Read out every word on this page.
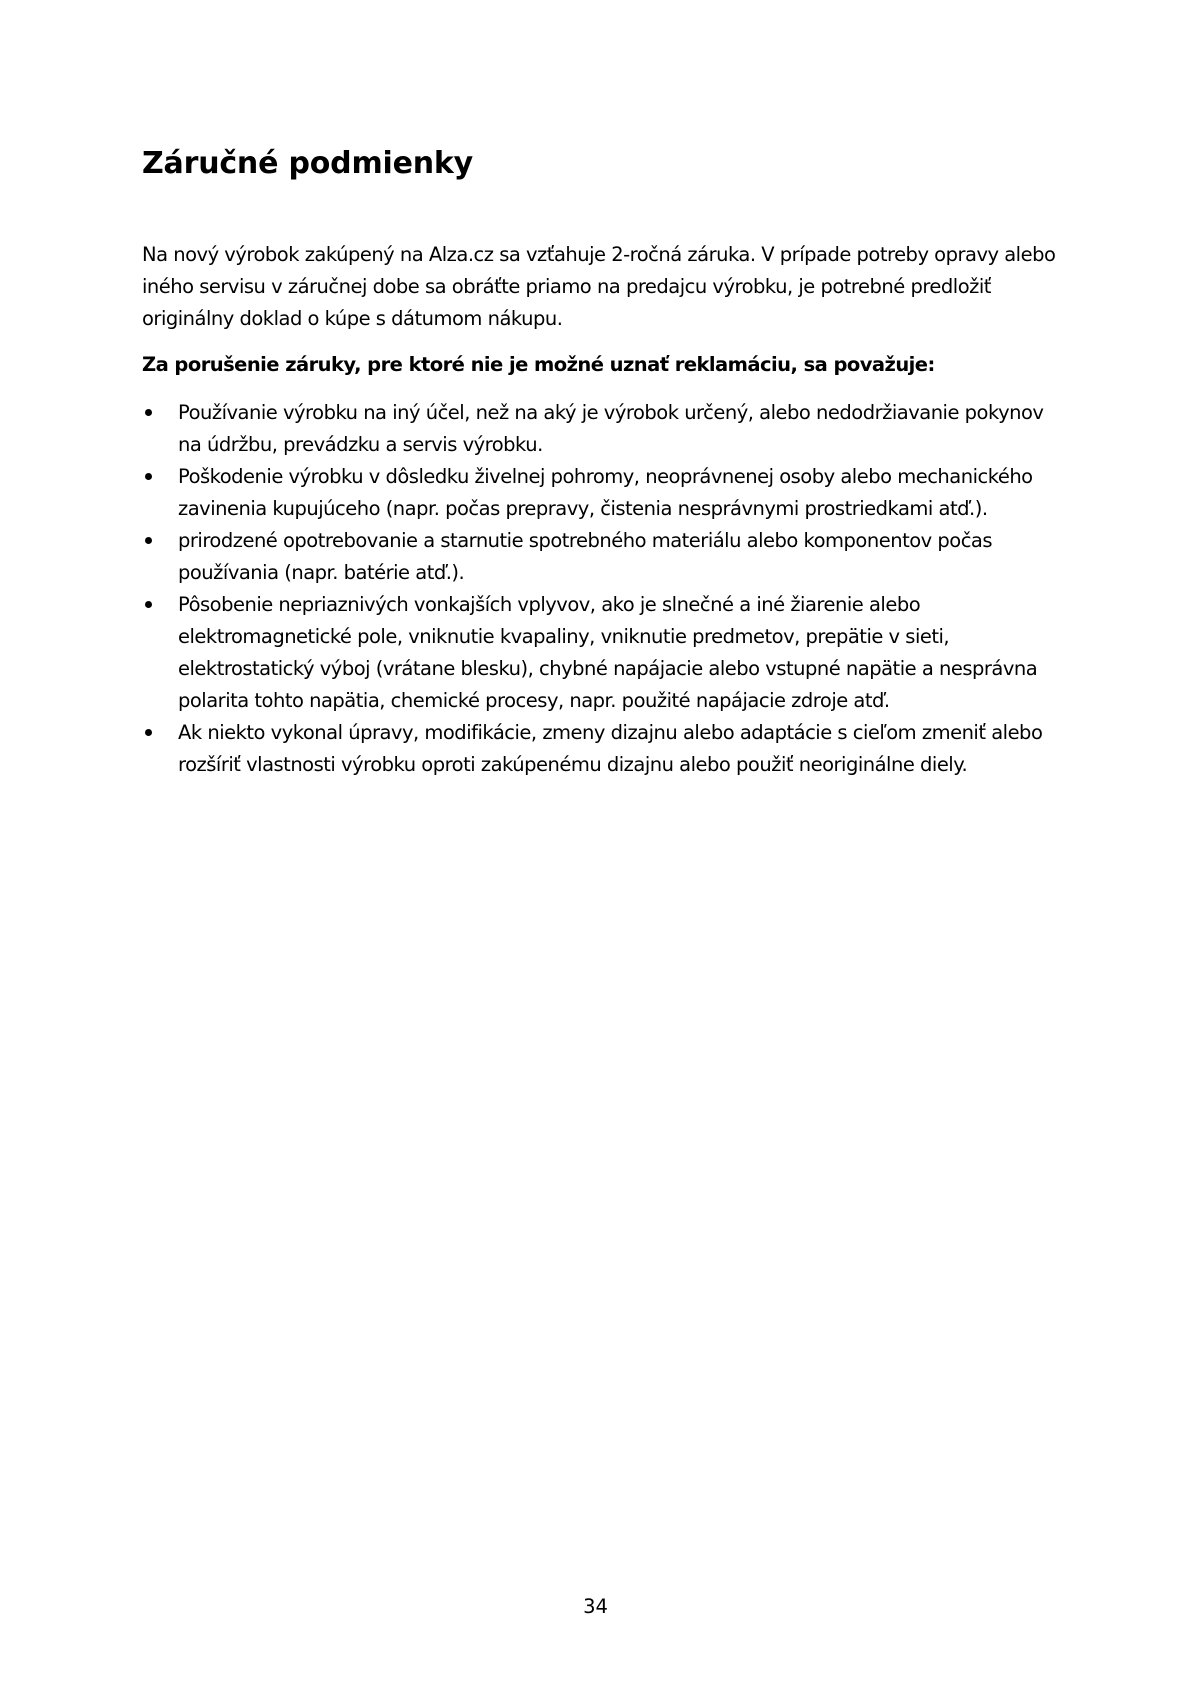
Záručné podmienky

Na nový výrobok zakúpený na Alza.cz sa vzťahuje 2-ročná záruka. V prípade potreby opravy alebo iného servisu v záručnej dobe sa obráťte priamo na predajcu výrobku, je potrebné predložiť originálny doklad o kúpe s dátumom nákupu.

Za porušenie záruky, pre ktoré nie je možné uznať reklamáciu, sa považuje:

Používanie výrobku na iný účel, než na aký je výrobok určený, alebo nedodržiavanie pokynov na údržbu, prevádzku a servis výrobku.
Poškodenie výrobku v dôsledku živelnej pohromy, neoprávnenej osoby alebo mechanického zavinenia kupujúceho (napr. počas prepravy, čistenia nesprávnymi prostriedkami atď.).
prirodzené opotrebovanie a starnutie spotrebného materiálu alebo komponentov počas používania (napr. batérie atď.).
Pôsobenie nepriaznivých vonkajších vplyvov, ako je slnečné a iné žiarenie alebo elektromagnetické pole, vniknutie kvapaliny, vniknutie predmetov, prepätie v sieti, elektrostatický výboj (vrátane blesku), chybné napájacie alebo vstupné napätie a nesprávna polarita tohto napätia, chemické procesy, napr. použité napájacie zdroje atď.
Ak niekto vykonal úpravy, modifikácie, zmeny dizajnu alebo adaptácie s cieľom zmeniť alebo rozšíriť vlastnosti výrobku oproti zakúpenému dizajnu alebo použiť neoriginálne diely.

34
